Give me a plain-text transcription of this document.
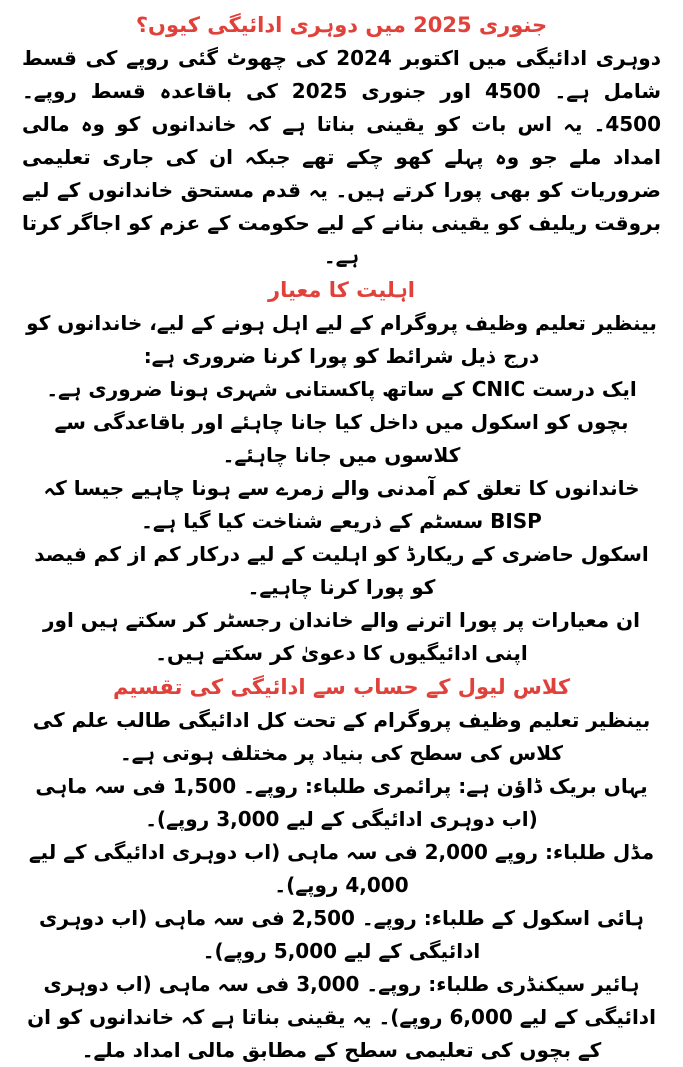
جنوری 2025 میں دوہری ادائیگی کیوں؟

دوہری ادائیگی میں اکتوبر 2024 کی چھوٹ گئی روپے کی قسط شامل ہے۔ 4500 اور جنوری 2025 کی باقاعدہ قسط روپے۔ 4500۔ یہ اس بات کو یقینی بناتا ہے کہ خاندانوں کو وہ مالی امداد ملے جو وہ پہلے کھو چکے تھے جبکہ ان کی جاری تعلیمی ضروریات کو بھی پورا کرتے ہیں۔ یہ قدم مستحق خاندانوں کے لیے بروقت ریلیف کو یقینی بنانے کے لیے حکومت کے عزم کو اجاگر کرتا ہے۔

اہلیت کا معیار

بینظیر تعلیم وظیف پروگرام کے لیے اہل ہونے کے لیے، خاندانوں کو درج ذیل شرائط کو پورا کرنا ضروری ہے:

ایک درست CNIC کے ساتھ پاکستانی شہری ہونا ضروری ہے۔

بچوں کو اسکول میں داخل کیا جانا چاہئے اور باقاعدگی سے کلاسوں میں جانا چاہئے۔

خاندانوں کا تعلق کم آمدنی والے زمرے سے ہونا چاہیے جیسا کہ BISP سسٹم کے ذریعے شناخت کیا گیا ہے۔

اسکول حاضری کے ریکارڈ کو اہلیت کے لیے درکار کم از کم فیصد کو پورا کرنا چاہیے۔

ان معیارات پر پورا اترنے والے خاندان رجسٹر کر سکتے ہیں اور اپنی ادائیگیوں کا دعویٰ کر سکتے ہیں۔

کلاس لیول کے حساب سے ادائیگی کی تقسیم

بینظیر تعلیم وظیف پروگرام کے تحت کل ادائیگی طالب علم کی کلاس کی سطح کی بنیاد پر مختلف ہوتی ہے۔

یہاں بریک ڈاؤن ہے: پرائمری طلباء: روپے۔ 1,500 فی سہ ماہی (اب دوہری ادائیگی کے لیے 3,000 روپے)۔

مڈل طلباء: روپے 2,000 فی سہ ماہی (اب دوہری ادائیگی کے لیے 4,000 روپے)۔

ہائی اسکول کے طلباء: روپے۔ 2,500 فی سہ ماہی (اب دوہری ادائیگی کے لیے 5,000 روپے)۔

ہائیر سیکنڈری طلباء: روپے۔ 3,000 فی سہ ماہی (اب دوہری ادائیگی کے لیے 6,000 روپے)۔ یہ یقینی بناتا ہے کہ خاندانوں کو ان کے بچوں کی تعلیمی سطح کے مطابق مالی امداد ملے۔
